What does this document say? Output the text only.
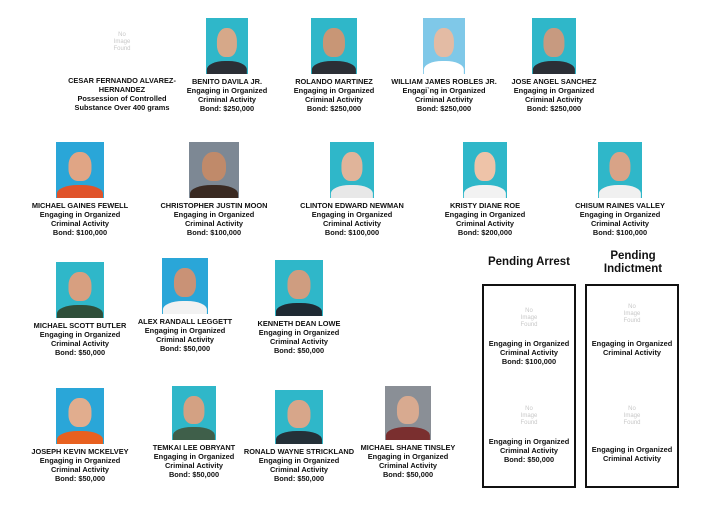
No
Image
Found
CESAR FERNANDO ALVAREZ-HERNANDEZ
Possession of Controlled
Substance Over 400 grams
BENITO DAVILA JR.
Engaging in Organized
Criminal Activity
Bond: $250,000
ROLANDO MARTINEZ
Engaging in Organized
Criminal Activity
Bond: $250,000
WILLIAM JAMES ROBLES JR.
Engagi`ng in Organized
Criminal Activity
Bond: $250,000
JOSE ANGEL SANCHEZ
Engaging in Organized
Criminal Activity
Bond: $250,000
MICHAEL GAINES FEWELL
Engaging in Organized
Criminal Activity
Bond: $100,000
CHRISTOPHER JUSTIN MOON
Engaging in Organized
Criminal Activity
Bond: $100,000
CLINTON EDWARD NEWMAN
Engaging in Organized
Criminal Activity
Bond: $100,000
KRISTY DIANE ROE
Engaging in Organized
Criminal Activity
Bond: $200,000
CHISUM RAINES VALLEY
Engaging in Organized
Criminal Activity
Bond: $100,000
MICHAEL SCOTT BUTLER
Engaging in Organized
Criminal Activity
Bond: $50,000
ALEX RANDALL LEGGETT
Engaging in Organized
Criminal Activity
Bond: $50,000
KENNETH DEAN LOWE
Engaging in Organized
Criminal Activity
Bond: $50,000
JOSEPH KEVIN MCKELVEY
Engaging in Organized
Criminal Activity
Bond: $50,000
TEMKAI LEE OBRYANT
Engaging in Organized
Criminal Activity
Bond: $50,000
RONALD WAYNE STRICKLAND
Engaging in Organized
Criminal Activity
Bond: $50,000
MICHAEL SHANE TINSLEY
Engaging in Organized
Criminal Activity
Bond: $50,000
Pending Arrest
No
Image
Found
Engaging in Organized
Criminal Activity
Bond: $100,000
No
Image
Found
Engaging in Organized
Criminal Activity
Bond: $50,000
Pending
Indictment
No
Image
Found
Engaging in Organized
Criminal Activity
No
Image
Found
Engaging in Organized
Criminal Activity
